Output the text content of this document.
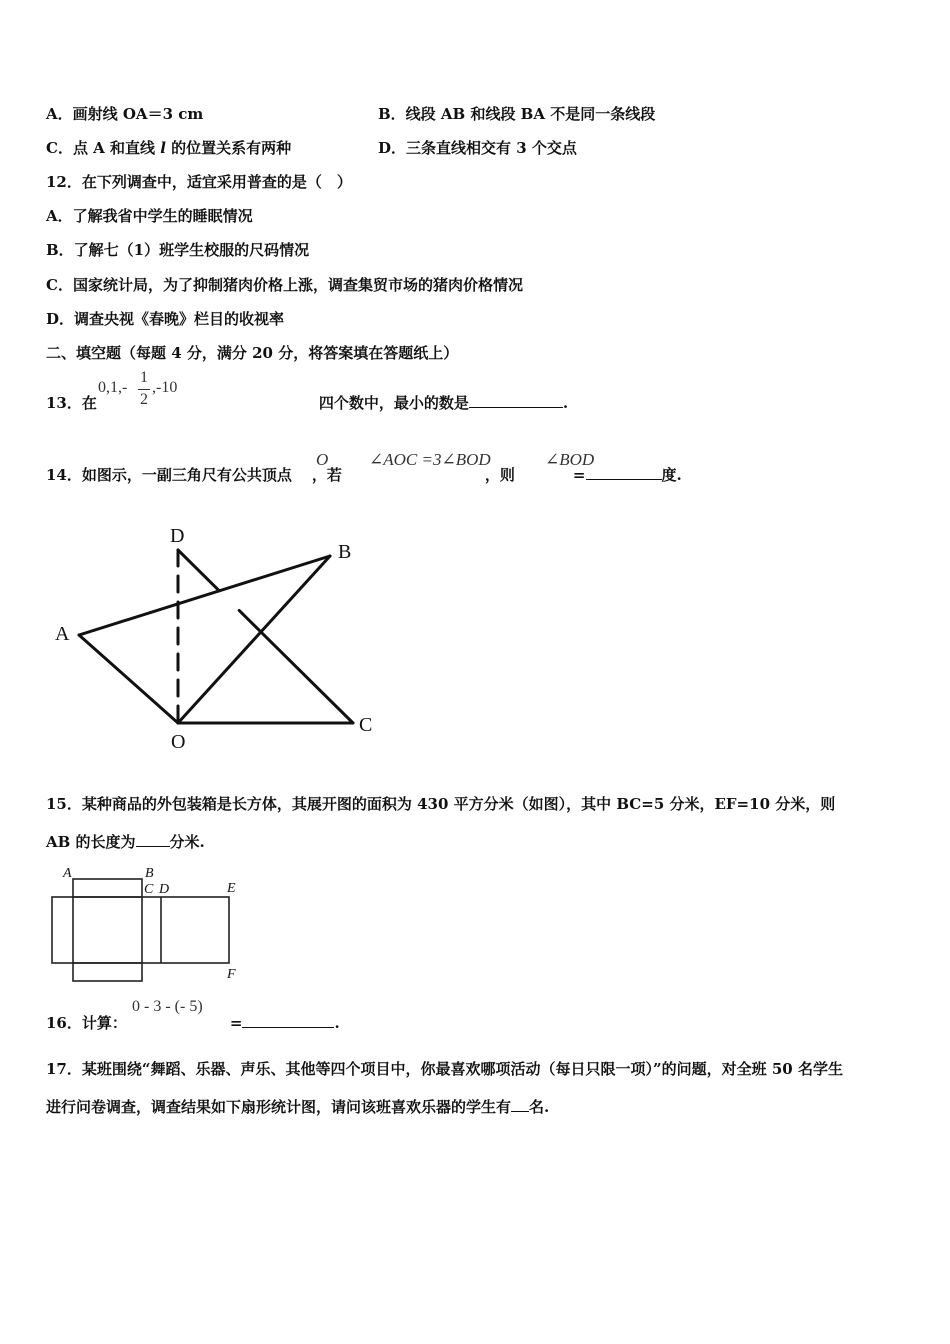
A．画射线 OA＝3 cm	B．线段 AB 和线段 BA 不是同一条线段
C．点 A 和直线 l 的位置关系有两种	D．三条直线相交有 3 个交点
12．在下列调查中，适宜采用普查的是（　）
A．了解我省中学生的睡眠情况
B．了解七（1）班学生校服的尺码情况
C．国家统计局，为了抑制猪肉价格上涨，调查集贸市场的猪肉价格情况
D．调查央视《春晚》栏目的收视率
二、填空题（每题 4 分，满分 20 分，将答案填在答题纸上）
13．在	四个数中，最小的数是	.
0,1,-
1
2
,-10
14．如图示，一副三角尺有公共顶点 ，若	，则	=	度.
O ∠AOC =3∠BOD	∠BOD
D
B
A
O
C
15．某种商品的外包装箱是长方体，其展开图的面积为 430 平方分米（如图），其中 BC=5 分米，EF=10 分米，则
AB 的长度为 分米.
A	B
C D	E
F
16．计算：	=	.
0 - 3 - (- 5)
17．某班围绕“舞蹈、乐器、声乐、其他等四个项目中，你最喜欢哪项活动（每日只限一项）”的问题，对全班 50 名学生
进行问卷调查，调查结果如下扇形统计图，请问该班喜欢乐器的学生有 名.
